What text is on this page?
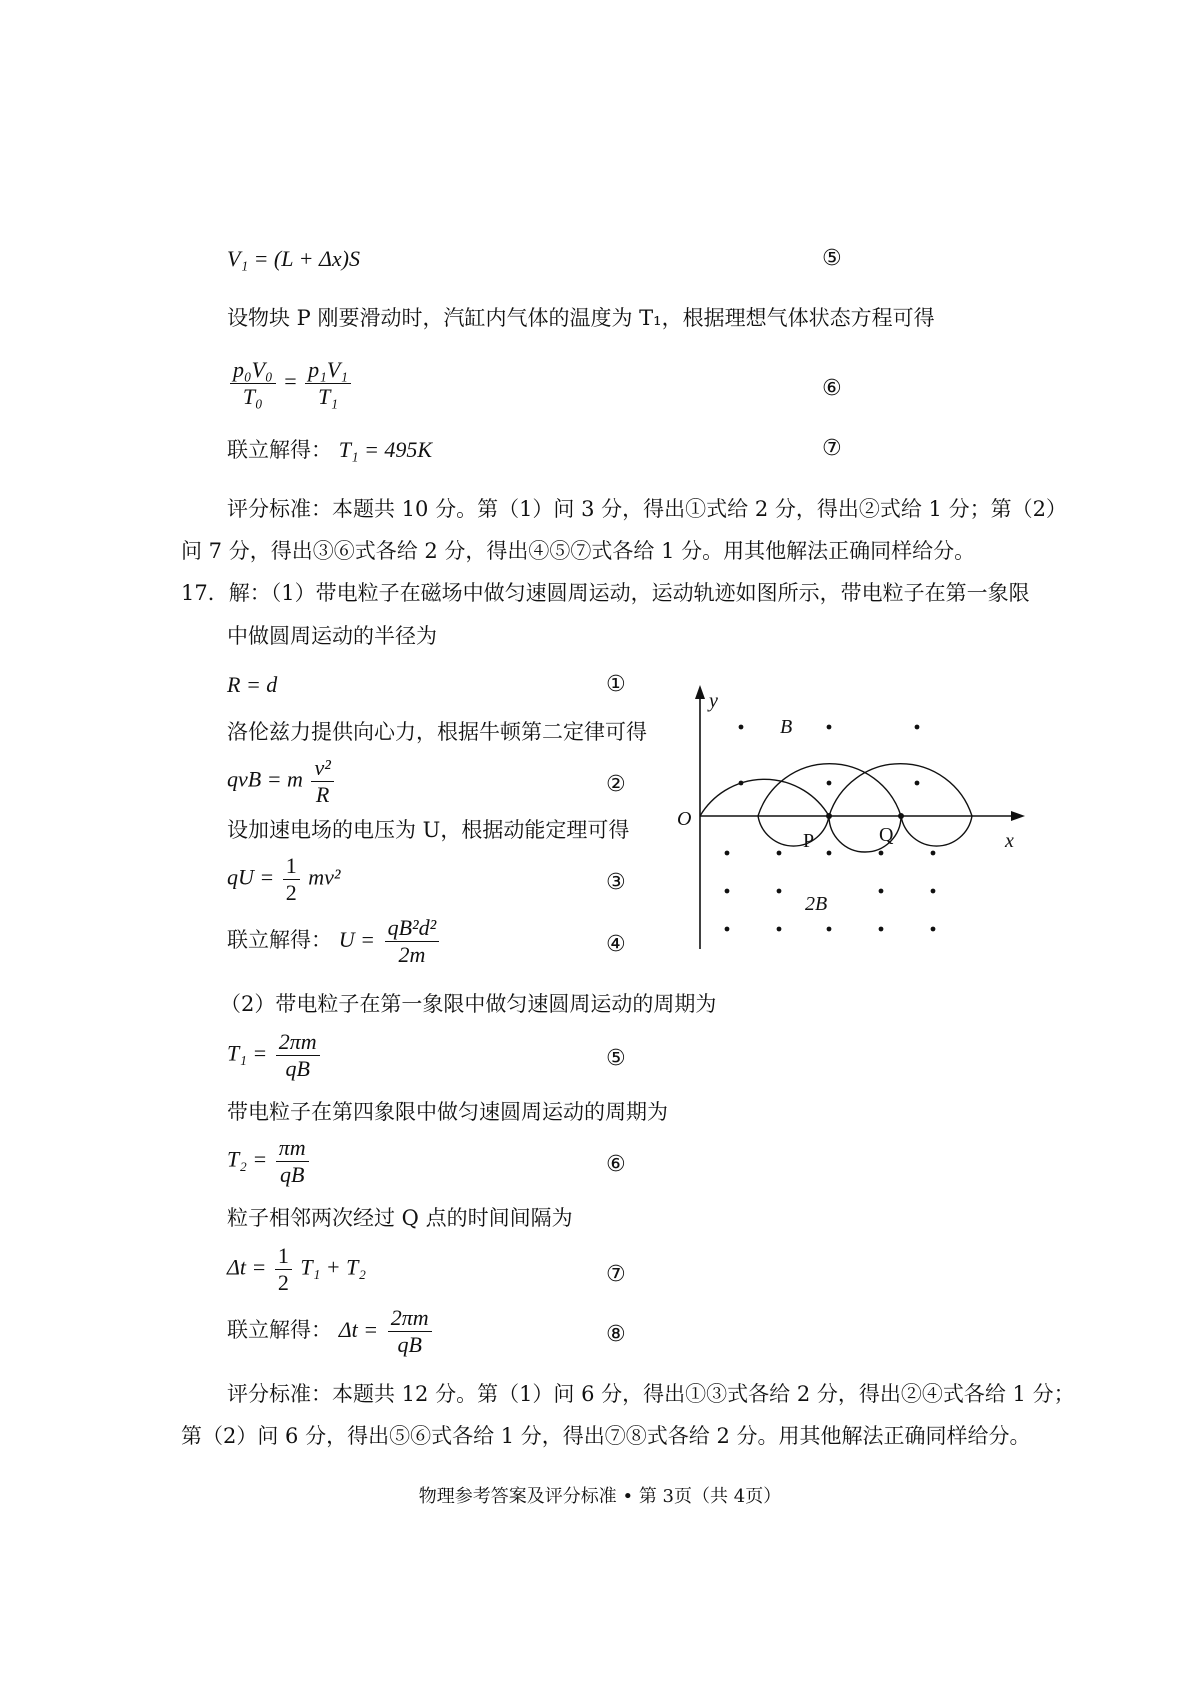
V₁ = (L + Δx)S	⑤
设物块 P 刚要滑动时，汽缸内气体的温度为 T₁，根据理想气体状态方程可得
$\frac{\text{p₀V₀}}{\text{T₀}} = \frac{\text{p₁V₁}}{\text{T₁}}$	⑥
联立解得： T₁ = 495K	⑦
评分标准：本题共 10 分。第（1）问 3 分，得出①式给 2 分，得出②式给 1 分；第（2）
问 7 分，得出③⑥式各给 2 分，得出④⑤⑦式各给 1 分。用其他解法正确同样给分。
17．解：（1）带电粒子在磁场中做匀速圆周运动，运动轨迹如图所示，带电粒子在第一象限
中做圆周运动的半径为
R = d	①
洛伦兹力提供向心力，根据牛顿第二定律可得
qvB = m $\frac{\text{v²}}{R}$	②
设加速电场的电压为 U，根据动能定理可得
qU = $\frac{1}{2} mv^2$	③
联立解得： $U = \frac{\text{qB²d²}}{2m}$	④
（2）带电粒子在第一象限中做匀速圆周运动的周期为
$T_1 = \frac{2\pi m}{qB}$	⑤
带电粒子在第四象限中做匀速圆周运动的周期为
$T_2 = \frac{\pi m}{qB}$	⑥
粒子相邻两次经过 Q 点的时间间隔为
$\Delta t = \frac{1}{2} T_1 + T_2$	⑦
联立解得： $\Delta t = \frac{2\pi m}{qB}$	⑧
评分标准：本题共 12 分。第（1）问 6 分，得出①③式各给 2 分，得出②④式各给 1 分；
第（2）问 6 分，得出⑤⑥式各给 1 分，得出⑦⑧式各给 2 分。用其他解法正确同样给分。
物理参考答案及评分标准 • 第 3页（共 4页）
y
x
O
B
2B
P	Q
